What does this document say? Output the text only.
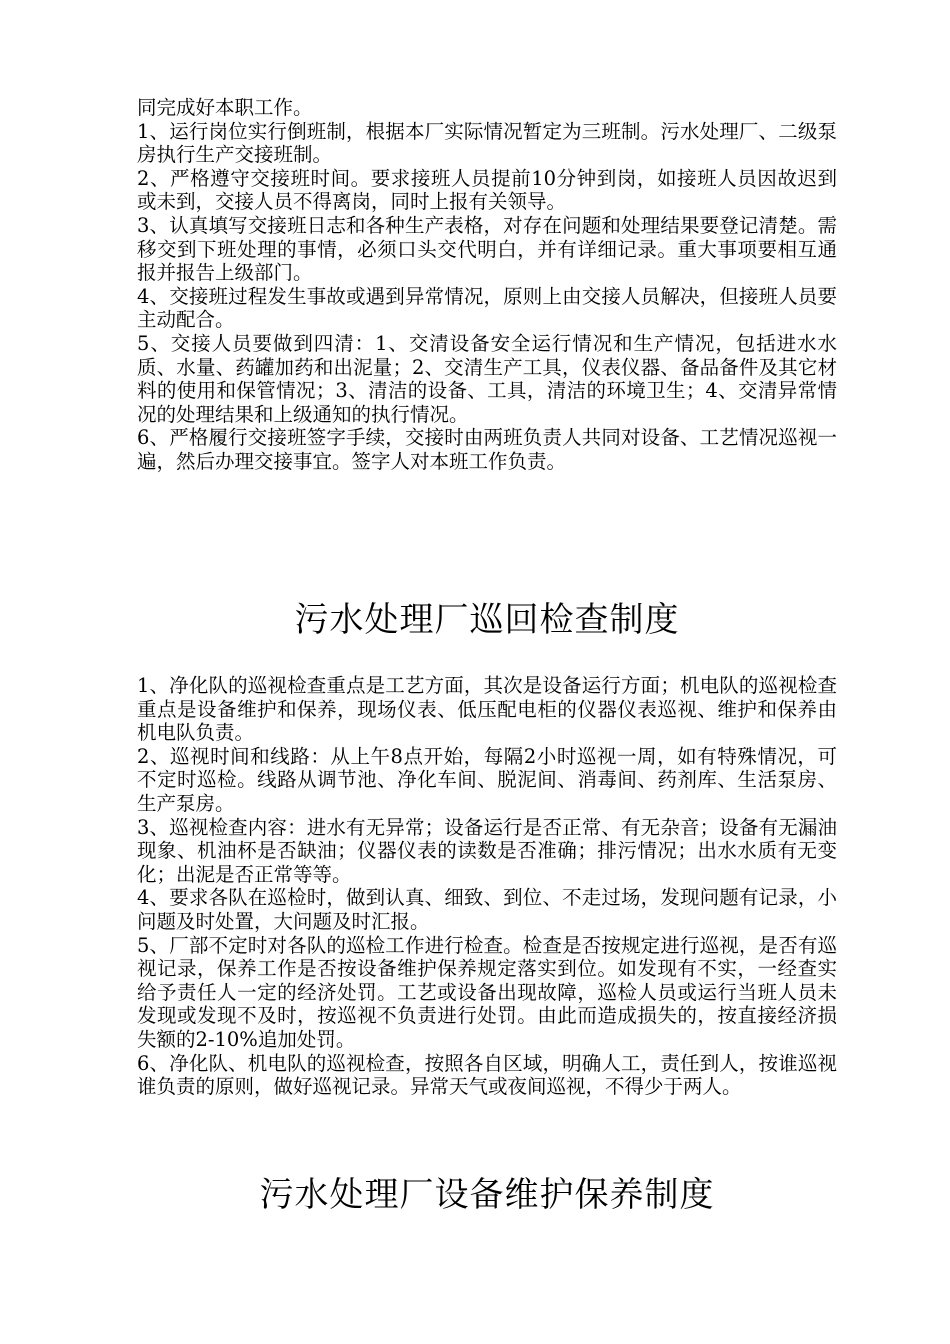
同完成好本职工作。

1、运行岗位实行倒班制，根据本厂实际情况暂定为三班制。污水处理厂、二级泵房执行生产交接班制。

2、严格遵守交接班时间。要求接班人员提前10分钟到岗，如接班人员因故迟到或未到，交接人员不得离岗，同时上报有关领导。

3、认真填写交接班日志和各种生产表格，对存在问题和处理结果要登记清楚。需移交到下班处理的事情，必须口头交代明白，并有详细记录。重大事项要相互通报并报告上级部门。

4、交接班过程发生事故或遇到异常情况，原则上由交接人员解决，但接班人员要主动配合。

5、交接人员要做到四清：1、交清设备安全运行情况和生产情况，包括进水水质、水量、药罐加药和出泥量；2、交清生产工具，仪表仪器、备品备件及其它材料的使用和保管情况；3、清洁的设备、工具，清洁的环境卫生；4、交清异常情况的处理结果和上级通知的执行情况。

6、严格履行交接班签字手续，交接时由两班负责人共同对设备、工艺情况巡视一遍，然后办理交接事宜。签字人对本班工作负责。

污水处理厂巡回检查制度

1、净化队的巡视检查重点是工艺方面，其次是设备运行方面；机电队的巡视检查重点是设备维护和保养，现场仪表、低压配电柜的仪器仪表巡视、维护和保养由机电队负责。

2、巡视时间和线路：从上午8点开始，每隔2小时巡视一周，如有特殊情况，可不定时巡检。线路从调节池、净化车间、脱泥间、消毒间、药剂库、生活泵房、生产泵房。

3、巡视检查内容：进水有无异常；设备运行是否正常、有无杂音；设备有无漏油现象、机油杯是否缺油；仪器仪表的读数是否准确；排污情况；出水水质有无变化；出泥是否正常等等。

4、要求各队在巡检时，做到认真、细致、到位、不走过场，发现问题有记录，小问题及时处置，大问题及时汇报。

5、厂部不定时对各队的巡检工作进行检查。检查是否按规定进行巡视，是否有巡视记录，保养工作是否按设备维护保养规定落实到位。如发现有不实，一经查实给予责任人一定的经济处罚。工艺或设备出现故障，巡检人员或运行当班人员未发现或发现不及时，按巡视不负责进行处罚。由此而造成损失的，按直接经济损失额的2-10%追加处罚。

6、净化队、机电队的巡视检查，按照各自区域，明确人工，责任到人，按谁巡视谁负责的原则，做好巡视记录。异常天气或夜间巡视，不得少于两人。

污水处理厂设备维护保养制度
